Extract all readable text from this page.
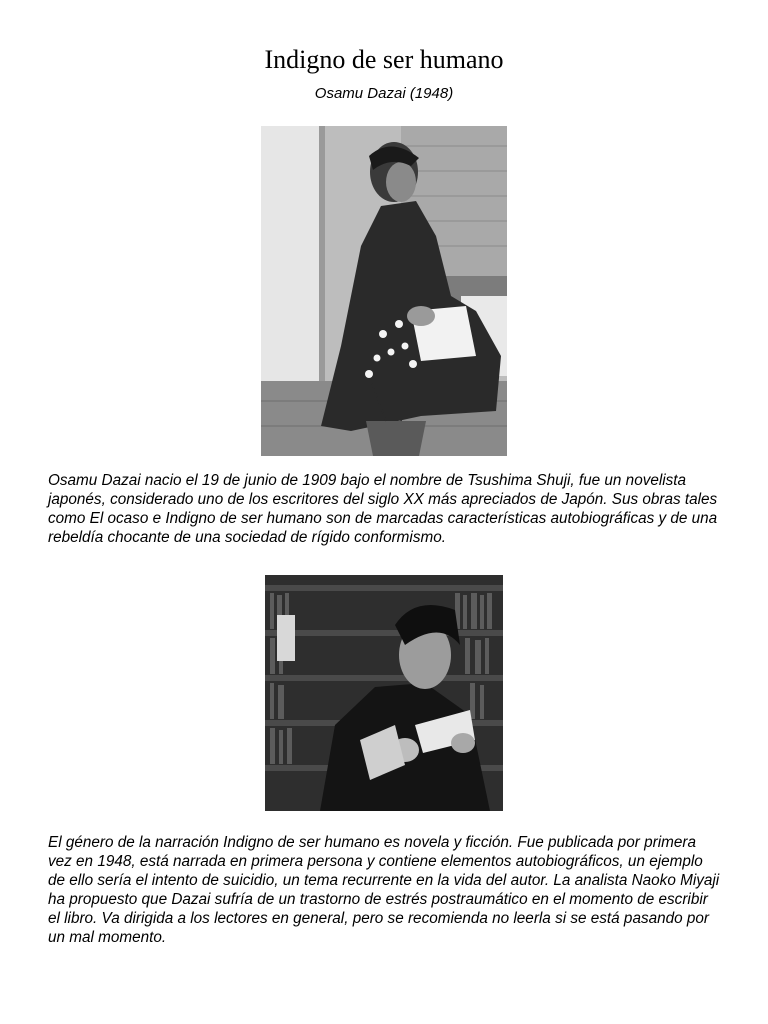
Indigno de ser humano
Osamu Dazai (1948)

Osamu Dazai nacio el 19 de junio de 1909 bajo el nombre de Tsushima Shuji, fue un novelista japonés, considerado uno de los escritores del siglo XX más apreciados de Japón. Sus obras tales como El ocaso e Indigno de ser humano son de marcadas características autobiográficas y de una rebeldía chocante de una sociedad de rígido conformismo.

El género de la narración Indigno de ser humano es novela y ficción. Fue publicada por primera vez en 1948, está narrada en primera persona y contiene elementos autobiográficos, un ejemplo de ello sería el intento de suicidio, un tema recurrente en la vida del autor. La analista Naoko Miyaji ha propuesto que Dazai sufría de un trastorno de estrés postraumático en el momento de escribir el libro. Va dirigida a los lectores en general, pero se recomienda no leerla si se está pasando por un mal momento.
